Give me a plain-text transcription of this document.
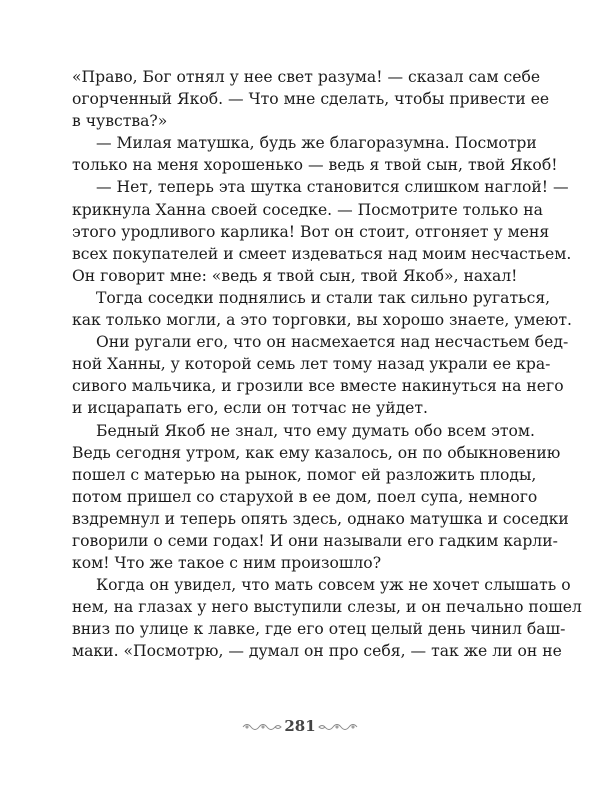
«Право, Бог отнял у нее свет разума! — сказал сам себе
огорченный Якоб. — Что мне сделать, чтобы привести ее
в чувства?»
— Милая матушка, будь же благоразумна. Посмотри
только на меня хорошенько — ведь я твой сын, твой Якоб!
— Нет, теперь эта шутка становится слишком наглой! —
крикнула Ханна своей соседке. — Посмотрите только на
этого уродливого карлика! Вот он стоит, отгоняет у меня
всех покупателей и смеет издеваться над моим несчастьем.
Он говорит мне: «ведь я твой сын, твой Якоб», нахал!
Тогда соседки поднялись и стали так сильно ругаться,
как только могли, а это торговки, вы хорошо знаете, умеют.
Они ругали его, что он насмехается над несчастьем бед-
ной Ханны, у которой семь лет тому назад украли ее кра-
сивого мальчика, и грозили все вместе накинуться на него
и исцарапать его, если он тотчас не уйдет.
Бедный Якоб не знал, что ему думать обо всем этом.
Ведь сегодня утром, как ему казалось, он по обыкновению
пошел с матерью на рынок, помог ей разложить плоды,
потом пришел со старухой в ее дом, поел супа, немного
вздремнул и теперь опять здесь, однако матушка и соседки
говорили о семи годах! И они называли его гадким карли-
ком! Что же такое с ним произошло?
Когда он увидел, что мать совсем уж не хочет слышать о
нем, на глазах у него выступили слезы, и он печально пошел
вниз по улице к лавке, где его отец целый день чинил баш-
маки. «Посмотрю, — думал он про себя, — так же ли он не
281
